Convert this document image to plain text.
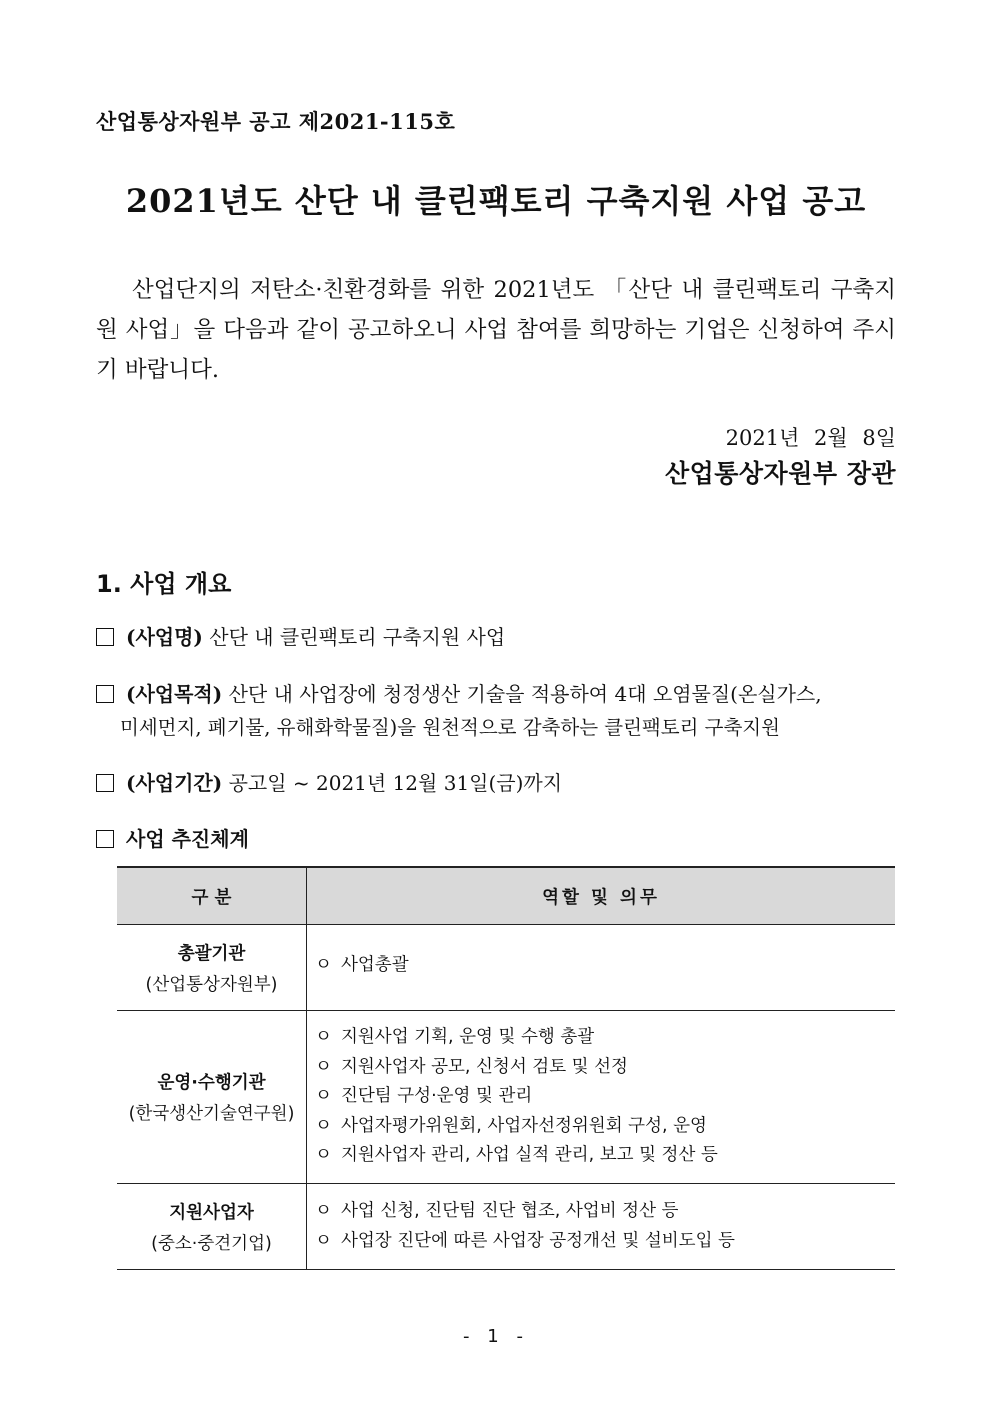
산업통상자원부 공고 제2021-115호
2021년도 산단 내 클린팩토리 구축지원 사업 공고
산업단지의 저탄소·친환경화를 위한 2021년도 「산단 내 클린팩토리 구축지원 사업」을 다음과 같이 공고하오니 사업 참여를 희망하는 기업은 신청하여 주시기 바랍니다.
2021년 2월 8일
산업통상자원부 장관
1. 사업 개요
(사업명) 산단 내 클린팩토리 구축지원 사업
(사업목적) 산단 내 사업장에 청정생산 기술을 적용하여 4대 오염물질(온실가스,
미세먼지, 폐기물, 유해화학물질)을 원천적으로 감축하는 클린팩토리 구축지원
(사업기간) 공고일 ~ 2021년 12월 31일(금)까지
사업 추진체계
구 분	역할 및 의무

총괄기관
(산업통상자원부)	ㅇ 사업총괄

운영·수행기관
(한국생산기술연구원)	ㅇ 지원사업 기획, 운영 및 수행 총괄
ㅇ 지원사업자 공모, 신청서 검토 및 선정
ㅇ 진단팀 구성·운영 및 관리
ㅇ 사업자평가위원회, 사업자선정위원회 구성, 운영
ㅇ 지원사업자 관리, 사업 실적 관리, 보고 및 정산 등

지원사업자
(중소·중견기업)	ㅇ 사업 신청, 진단팀 진단 협조, 사업비 정산 등
ㅇ 사업장 진단에 따른 사업장 공정개선 및 설비도입 등
- 1 -
